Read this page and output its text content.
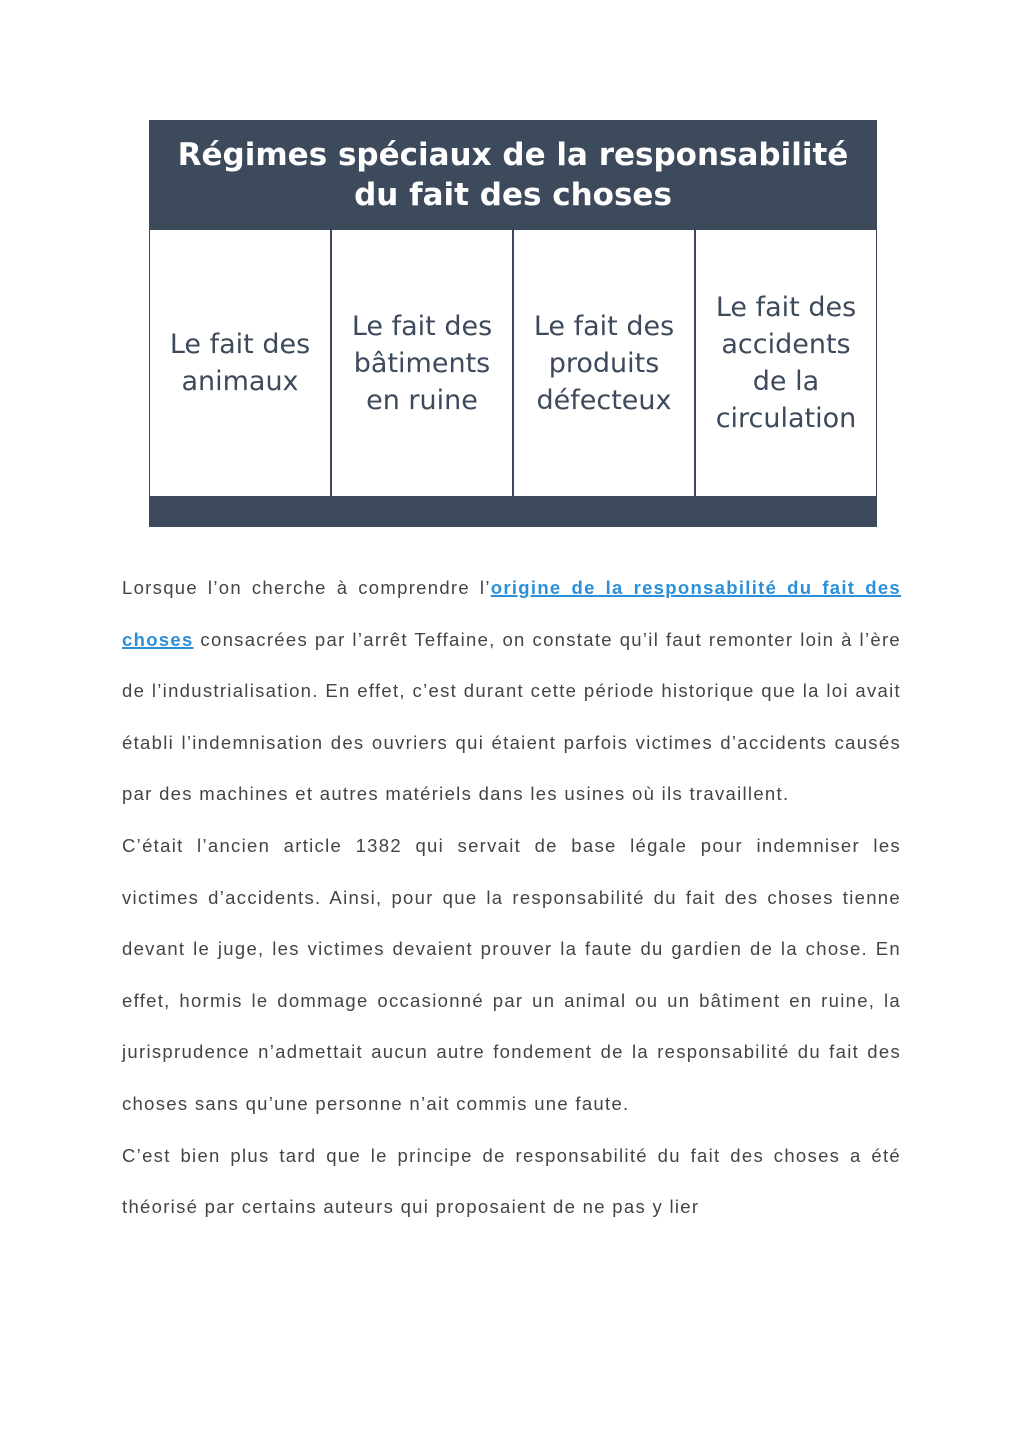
Régimes spéciaux de la responsabilité du fait des choses
Le fait des animaux
Le fait des bâtiments en ruine
Le fait des produits défecteux
Le fait des accidents de la circulation

Lorsque l’on cherche à comprendre l’origine de la responsabilité du fait des choses consacrées par l’arrêt Teffaine, on constate qu’il faut remonter loin à l’ère de l’industrialisation. En effet, c’est durant cette période historique que la loi avait établi l’indemnisation des ouvriers qui étaient parfois victimes d’accidents causés par des machines et autres matériels dans les usines où ils travaillent.

C’était l’ancien article 1382 qui servait de base légale pour indemniser les victimes d’accidents. Ainsi, pour que la responsabilité du fait des choses tienne devant le juge, les victimes devaient prouver la faute du gardien de la chose. En effet, hormis le dommage occasionné par un animal ou un bâtiment en ruine, la jurisprudence n’admettait aucun autre fondement de la responsabilité du fait des choses sans qu’une personne n’ait commis une faute.

C’est bien plus tard que le principe de responsabilité du fait des choses a été théorisé par certains auteurs qui proposaient de ne pas y lier
